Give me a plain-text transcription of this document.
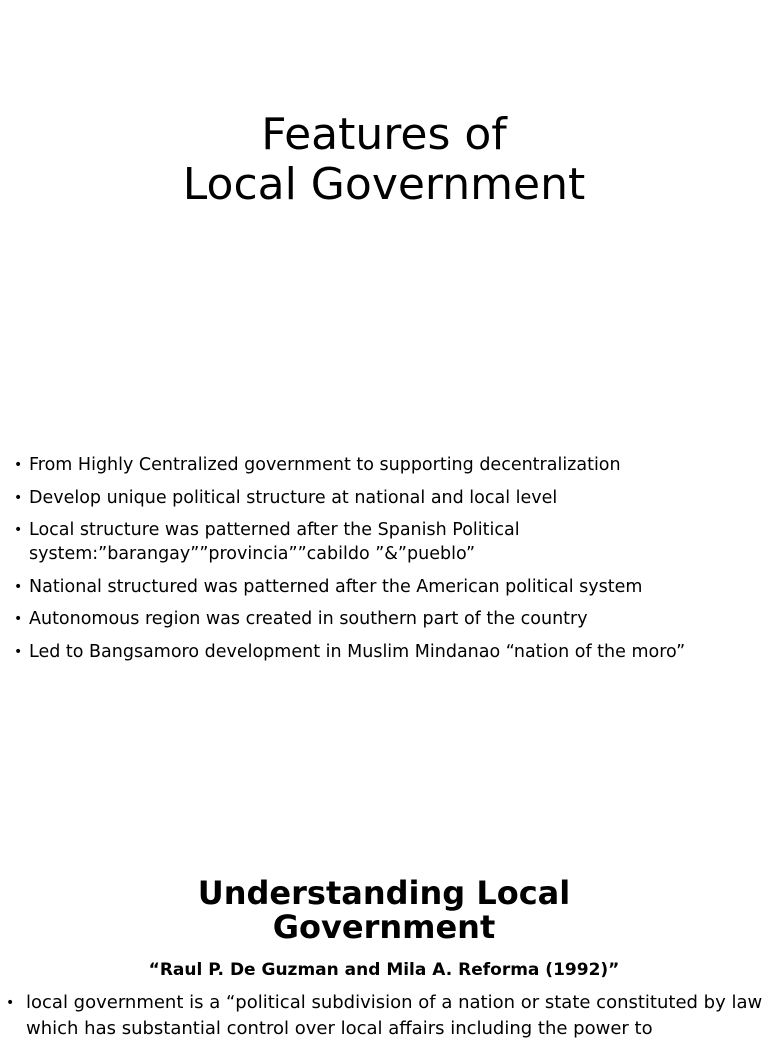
Features of
Local Government
• From Highly Centralized government to supporting decentralization
• Develop unique political structure at national and local level
• Local structure was patterned after the Spanish Political system:”barangay””provincia””cabildo ”&”pueblo”
• National structured was patterned after the American political system
• Autonomous region was created in southern part of the country
• Led to Bangsamoro development in Muslim Mindanao “nation of the moro”
Understanding Local
Government
“Raul P. De Guzman and Mila A. Reforma (1992)”
• local government is a “political subdivision of a nation or state constituted by law which has substantial control over local affairs including the power to
